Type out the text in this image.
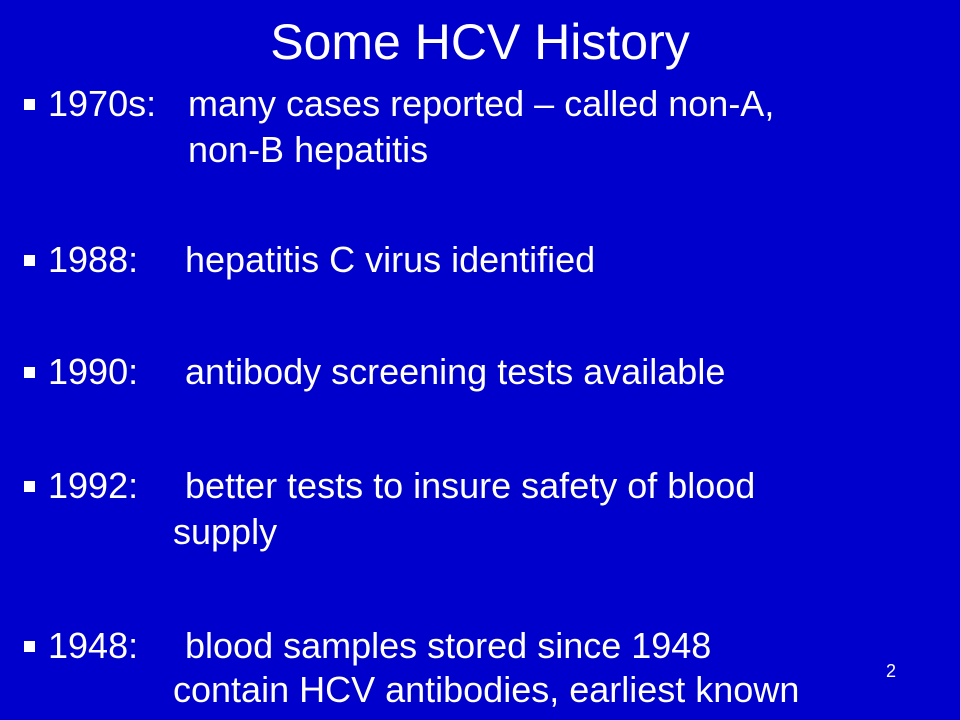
Some HCV History
1970s: many cases reported – called non-A,
non-B hepatitis
1988: hepatitis C virus identified
1990: antibody screening tests available
1992: better tests to insure safety of blood
supply
1948: blood samples stored since 1948
contain HCV antibodies, earliest known	2
